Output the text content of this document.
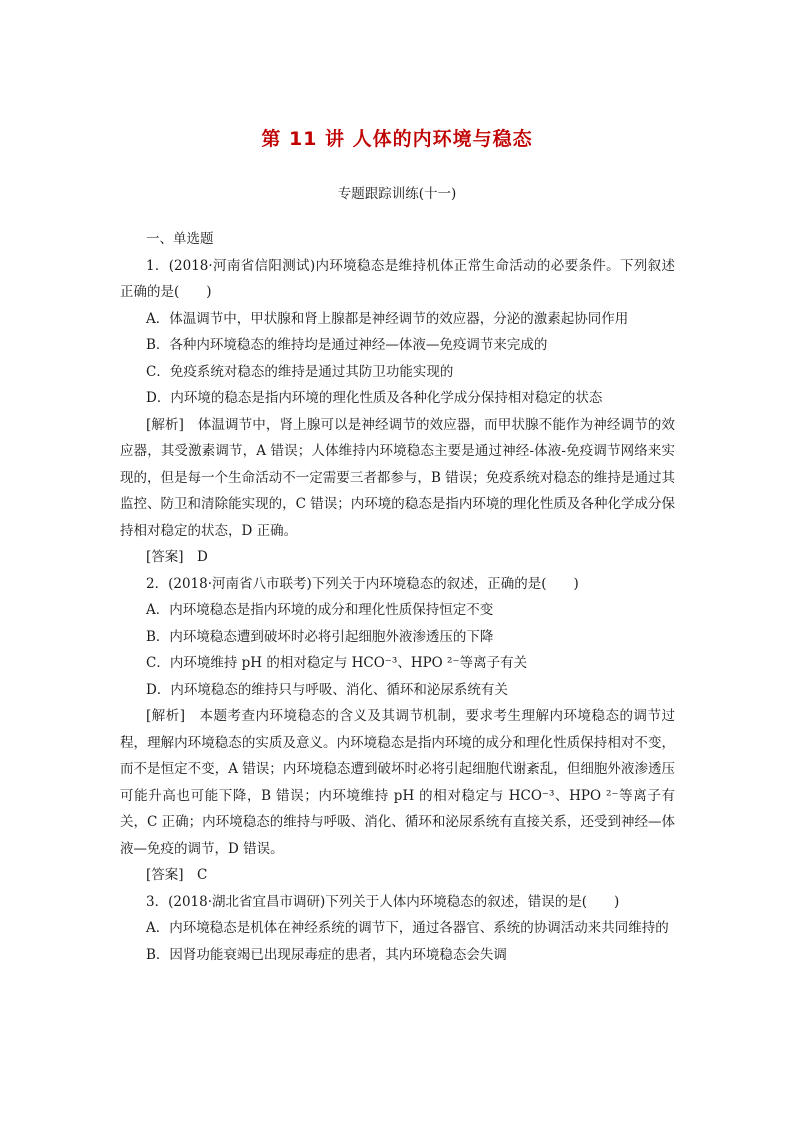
第 11 讲 人体的内环境与稳态
专题跟踪训练(十一)

一、单选题

1．(2018·河南省信阳测试)内环境稳态是维持机体正常生命活动的必要条件。下列叙述正确的是(　　)

A．体温调节中，甲状腺和肾上腺都是神经调节的效应器，分泌的激素起协同作用

B．各种内环境稳态的维持均是通过神经—体液—免疫调节来完成的

C．免疫系统对稳态的维持是通过其防卫功能实现的

D．内环境的稳态是指内环境的理化性质及各种化学成分保持相对稳定的状态

[解析]　体温调节中，肾上腺可以是神经调节的效应器，而甲状腺不能作为神经调节的效应器，其受激素调节，A 错误；人体维持内环境稳态主要是通过神经-体液-免疫调节网络来实现的，但是每一个生命活动不一定需要三者都参与，B 错误；免疫系统对稳态的维持是通过其监控、防卫和清除能实现的，C 错误；内环境的稳态是指内环境的理化性质及各种化学成分保持相对稳定的状态，D 正确。

[答案]　D

2．(2018·河南省八市联考)下列关于内环境稳态的叙述，正确的是(　　)

A．内环境稳态是指内环境的成分和理化性质保持恒定不变

B．内环境稳态遭到破坏时必将引起细胞外液渗透压的下降

C．内环境维持 pH 的相对稳定与 HCO⁻³、HPO ²⁻等离子有关

D．内环境稳态的维持只与呼吸、消化、循环和泌尿系统有关

[解析]　本题考查内环境稳态的含义及其调节机制，要求考生理解内环境稳态的调节过程，理解内环境稳态的实质及意义。内环境稳态是指内环境的成分和理化性质保持相对不变，而不是恒定不变，A 错误；内环境稳态遭到破坏时必将引起细胞代谢紊乱，但细胞外液渗透压可能升高也可能下降，B 错误；内环境维持 pH 的相对稳定与 HCO⁻³、HPO ²⁻等离子有关，C 正确；内环境稳态的维持与呼吸、消化、循环和泌尿系统有直接关系，还受到神经—体液—免疫的调节，D 错误。

[答案]　C

3．(2018·湖北省宜昌市调研)下列关于人体内环境稳态的叙述，错误的是(　　)

A．内环境稳态是机体在神经系统的调节下，通过各器官、系统的协调活动来共同维持的

B．因肾功能衰竭已出现尿毒症的患者，其内环境稳态会失调
